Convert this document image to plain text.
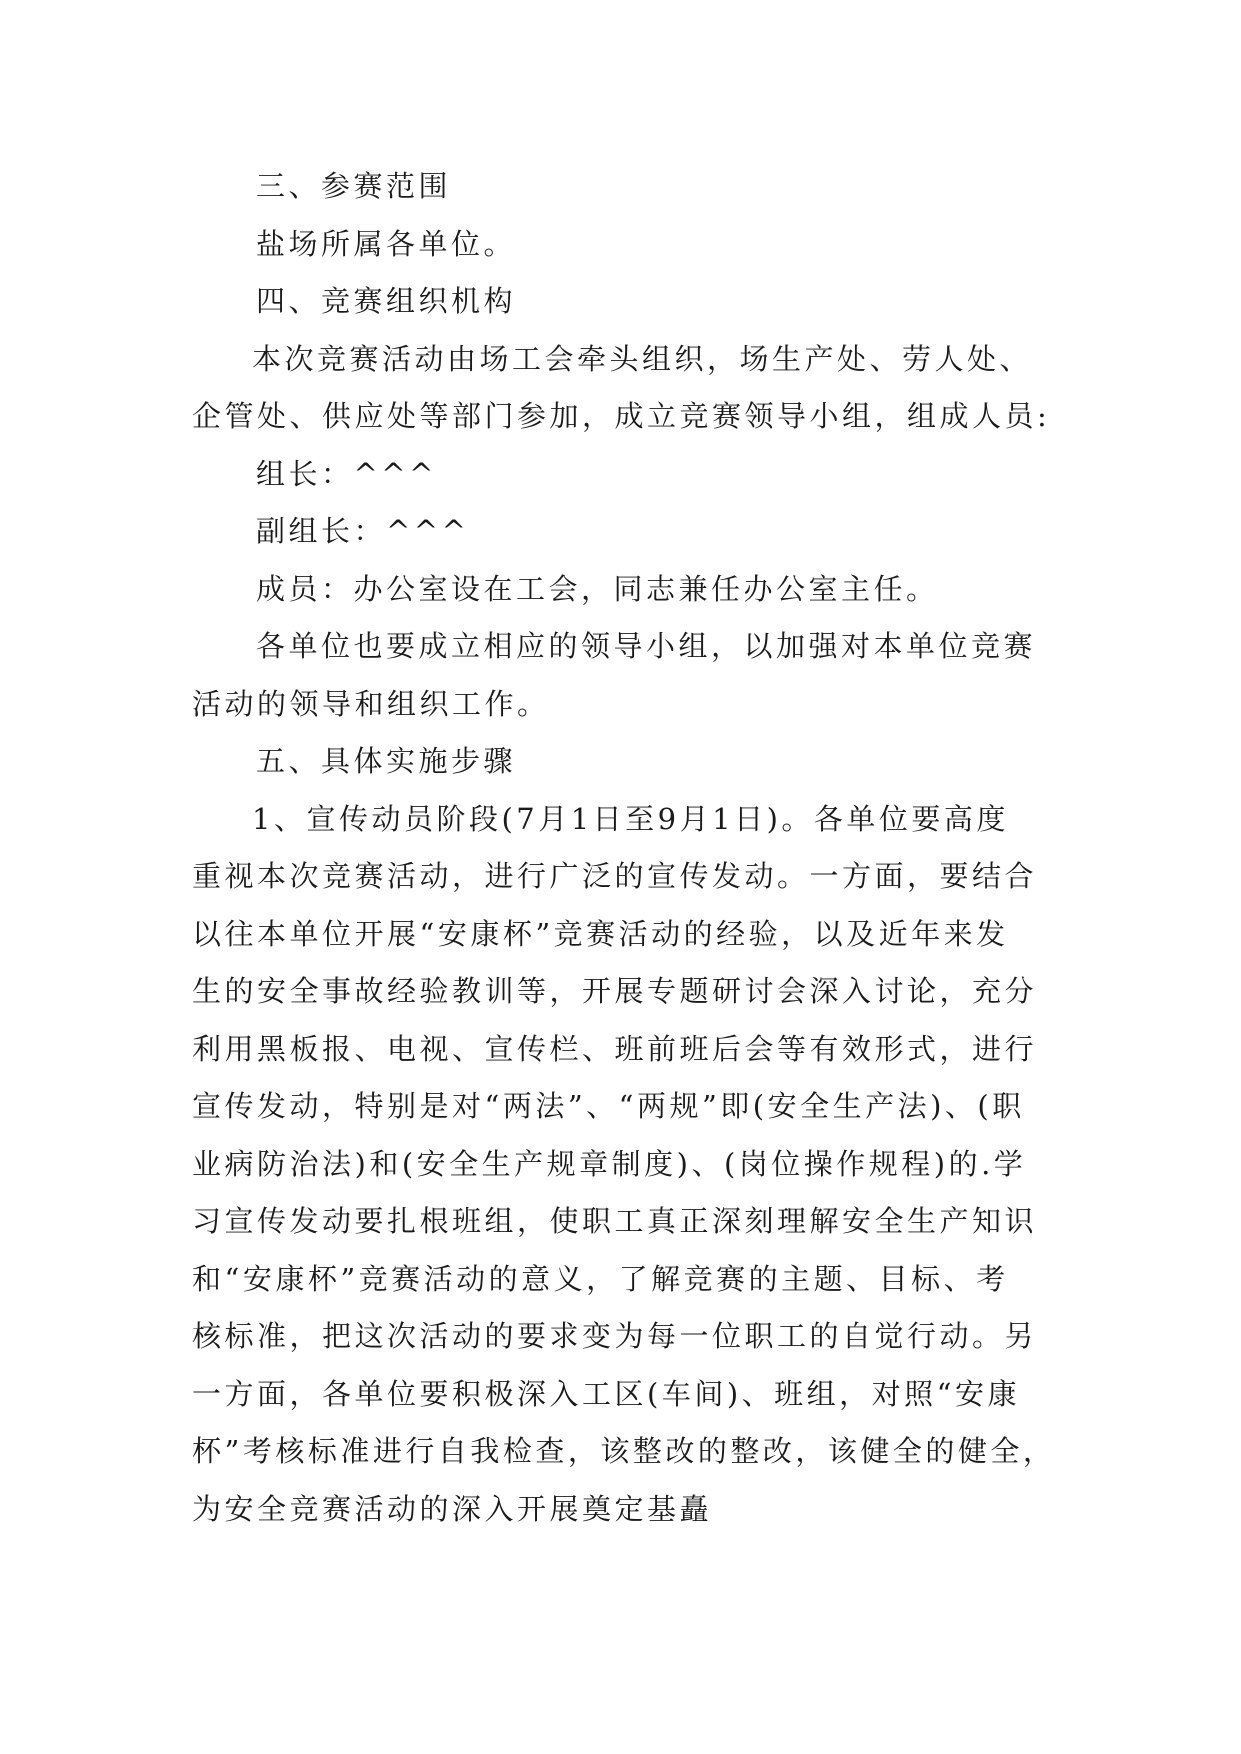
三、参赛范围

盐场所属各单位。

四、竞赛组织机构

本次竞赛活动由场工会牵头组织，场生产处、劳人处、

企管处、供应处等部门参加，成立竞赛领导小组，组成人员:

组长：^^^

副组长：^^^

成员：办公室设在工会，同志兼任办公室主任。

各单位也要成立相应的领导小组，以加强对本单位竞赛

活动的领导和组织工作。

五、具体实施步骤

1、宣传动员阶段(7月1日至9月1日)。各单位要高度

重视本次竞赛活动，进行广泛的宣传发动。一方面，要结合

以往本单位开展“安康杯”竞赛活动的经验，以及近年来发

生的安全事故经验教训等，开展专题研讨会深入讨论，充分

利用黑板报、电视、宣传栏、班前班后会等有效形式，进行

宣传发动，特别是对“两法”、“两规”即(安全生产法)、(职

业病防治法)和(安全生产规章制度)、(岗位操作规程)的.学

习宣传发动要扎根班组，使职工真正深刻理解安全生产知识

和“安康杯”竞赛活动的意义，了解竞赛的主题、目标、考

核标准，把这次活动的要求变为每一位职工的自觉行动。另

一方面，各单位要积极深入工区(车间)、班组，对照“安康

杯”考核标准进行自我检查，该整改的整改，该健全的健全，

为安全竞赛活动的深入开展奠定基矗
